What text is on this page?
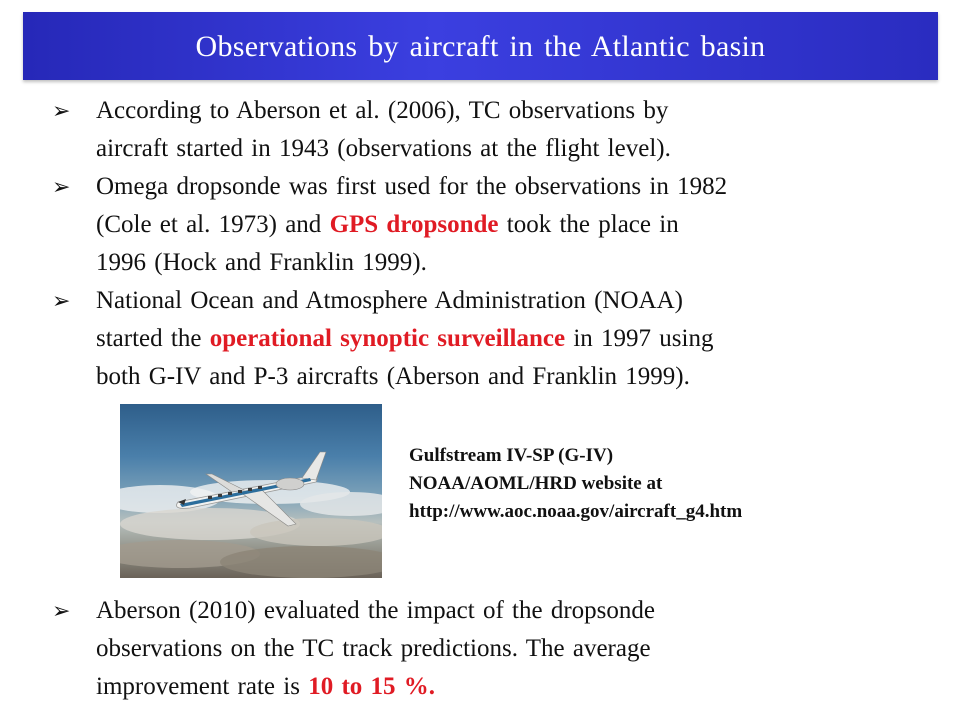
Observations by aircraft in the Atlantic basin
➢ According to Aberson et al. (2006), TC observations by
aircraft started in 1943 (observations at the flight level).
➢ Omega dropsonde was first used for the observations in 1982
(Cole et al. 1973) and GPS dropsonde took the place in
1996 (Hock and Franklin 1999).
➢ National Ocean and Atmosphere Administration (NOAA)
started the operational synoptic surveillance in 1997 using
both G-IV and P-3 aircrafts (Aberson and Franklin 1999).
Gulfstream IV-SP (G-IV)
NOAA/AOML/HRD website at
http://www.aoc.noaa.gov/aircraft_g4.htm
➢ Aberson (2010) evaluated the impact of the dropsonde
observations on the TC track predictions. The average
improvement rate is 10 to 15 %.
